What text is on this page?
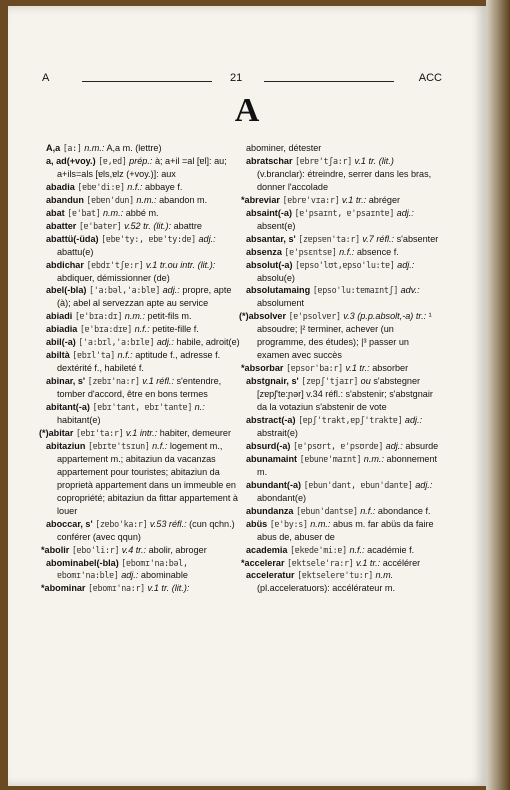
A	21	ACC
A

A,a [a:] n.m.: A,a m. (lettre)

a, ad(+voy.) [ɐ,ɐd] prép.: à; a+il =al [ɐl]: au; a+ils=als [ɐls,ɐlz (+voy.)]: aux

abadia [ɐbɐ'di:ɐ] n.f.: abbaye f.

abandun [ɐbɐn'dun] n.m.: abandon m.

abat [ɐ'bat] n.m.: abbé m.

abatter [ɐ'batɐr] v.52 tr. (lit.): abattre

abattü(-üda) [ɐbɐ'ty:, ɐbɐ'ty:dɐ] adj.: abattu(e)

abdichar [ɐbdɪ'tʃɐ:r] v.1 tr.ou intr. (lit.): abdiquer, démissionner (de)

abel(-bla) ['a:bəl,'a:blɐ] adj.: propre, apte (à); abel al servezzan apte au service

abiadi [ɐ'bɪa:dɪ] n.m.: petit-fils m.

abiadia [ɐ'bɪa:dɪɐ] n.f.: petite-fille f.

abil(-a) ['a:bɪl,'a:bɪlɐ] adj.: habile, adroit(e)

abiltà [ɐbɪl'ta] n.f.: aptitude f., adresse f. dextérité f., habileté f.

abinar, s' [zɐbɪ'na:r] v.1 réfl.: s'entendre, tomber d'accord, être en bons termes

abitant(-a) [ɐbɪ'tant, ɐbɪ'tantɐ] n.: habitant(e)

(*)abitar [ɐbɪ'ta:r] v.1 intr.: habiter, demeurer

abitaziun [ɐbɪtɐ'tsɪun] n.f.: logement m., appartement m.; abitaziun da vacanzas appartement pour touristes; abitaziun da proprietà appartement dans un immeuble en copropriété; abitaziun da fittar appartement à louer

aboccar, s' [zɐbo'ka:r] v.53 réfl.: (cun qchn.) conférer (avec qqun)

*abolir [ɐbo'li:r] v.4 tr.: abolir, abroger

abominabel(-bla) [ɐbomɪ'na:bəl, ɐbomɪ'na:blɐ] adj.: abominable

*abominar [ɐbomɪ'na:r] v.1 tr. (lit.):

abominer, détester

abratschar [ɐbrɐ'tʃa:r] v.1 tr. (lit.) (v.branclar): étreindre, serrer dans les bras, donner l'accolade

*abreviar [ɐbrɐ'vɪa:r] v.1 tr.: abréger

absaint(-a) [ɐ'psaɪnt, ɐ'psaɪntɐ] adj.: absent(e)

absantar, s' [zɐpsɐn'ta:r] v.7 réfl.: s'absenter

absenza [ɐ'psɛntsɐ] n.f.: absence f.

absolut(-a) [ɐpso'lʊt,ɐpso'lu:tɐ] adj.: absolu(e)

absolutamaing [ɐpso'lu:tɐmaɪntʃ] adv.: absolument

(*)absolver [ɐ'psolvɐr] v.3 (p.p.absolt,-a) tr.: ¹ absoudre; |² terminer, achever (un programme, des études); |³ passer un examen avec succès

*absorbar [ɐpsor'ba:r] v.1 tr.: absorber

abstgnair, s' [zɐpʃ'tjaɪr] ou s'abstegner [zɐpʃ'te:ɲər] v.34 réfl.: s'abstenir; s'abstgnair da la votaziun s'abstenir de vote

abstract(-a) [ɐpʃ'trakt,ɐpʃ'traktɐ] adj.: abstrait(e)

absurd(-a) [ɐ'psʊrt, ɐ'psʊrdɐ] adj.: absurde

abunamaint [ɐbunɐ'maɪnt] n.m.: abonnement m.

abundant(-a) [ɐbun'dant, ɐbun'dantɐ] adj.: abondant(e)

abundanza [ɐbun'dantsɐ] n.f.: abondance f.

abüs [ɐ'by:s] n.m.: abus m. far abüs da faire abus de, abuser de

academia [ɐkɐde'mi:ɐ] n.f.: académie f.

*accelerar [ɐktsele'ra:r] v.1 tr.: accélérer

acceleratur [ɐktselerɐ'tu:r] n.m. (pl.acceleratuors): accélérateur m.
